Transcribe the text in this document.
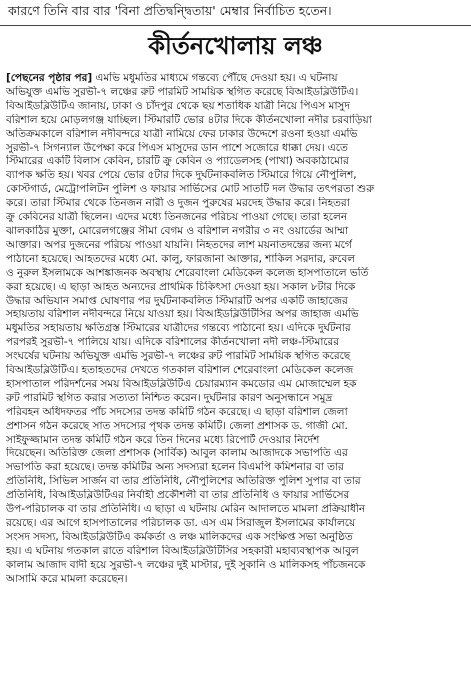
কারণে তিনি বার বার 'বিনা প্রতিদ্বন্দ্বিতায়' মেম্বার নির্বাচিত হতেন।
কীর্তনখোলায় লঞ্চ
[পেছনের পৃষ্ঠার পর] এমভি মধুমতির মাধ্যমে গন্তব্যে পৌঁছে দেওয়া হয়। এ ঘটনায়
অভিযুক্ত এমভি সুরভী-৭ লঞ্চের রুট পারমিট সাময়িক স্থগিত করেছে বিআইডব্লিউটিএ।
বিআইডব্লিউটিএ জানায়, ঢাকা ও চাঁদপুর থেকে ছয় শতাধিক যাত্রী নিয়ে পিএস মাসুদ
বরিশাল হয়ে মোড়লগঞ্জ যাচ্ছিল। স্টিমারটি ভোর ৪টার দিকে কীর্তনখোলা নদীর চরবাড়িয়া
অতিক্রমকালে বরিশাল নদীবন্দরে যাত্রী নামিয়ে ফের ঢাকার উদ্দেশে রওনা হওয়া এমভি
সুরভী-৭ সিগন্যাল উপেক্ষা করে পিএস মাসুদের ডান পাশে সজোরে ধাক্কা দেয়। এতে
স্টিমারের একটি বিলাস কেবিন, চারটি ক্রু কেবিন ও প্যাডেলসহ (পাখা) অবকাঠামোর
ব্যাপক ক্ষতি হয়। খবর পেয়ে ভোর ৫টার দিকে দুর্ঘটনাকবলিত স্টিমারে গিয়ে নৌপুলিশ,
কোস্টগার্ড, মেট্রোপলিটন পুলিশ ও ফায়ার সার্ভিসের মোট সাতটি দল উদ্ধার তৎপরতা শুরু
করে। তারা স্টিমার থেকে তিনজন নারী ও দুজন পুরুষের মরদেহ উদ্ধার করে। নিহতরা
ক্রু কেবিনের যাত্রী ছিলেন। এদের মধ্যে তিনজনের পরিচয় পাওয়া গেছে। তারা হলেন
ঝালকাঠির মুক্তা, মোরেলগঞ্জের সীমা বেগম ও বরিশাল নগরীর ৩ নং ওয়ার্ডের আম্মা
আক্তার। অপর দুজনের পরিচয় পাওয়া যায়নি। নিহতদের লাশ ময়নাতদন্তের জন্য মর্গে
পাঠানো হয়েছে। আহতদের মধ্যে মো. কালু, ফারজানা আক্তার, শাকিল সরদার, রুবেল
ও নুরুল ইসলামকে আশঙ্কাজনক অবস্থায় শেরেবাংলা মেডিকেল কলেজ হাসপাতালে ভর্তি
করা হয়েছে। এ ছাড়া আহত অন্যদের প্রাথমিক চিকিৎসা দেওয়া হয়। সকাল ৮টার দিকে
উদ্ধার অভিযান সমাপ্ত ঘোষণার পর দুর্ঘটনাকবলিত স্টিমারটি অপর একটি জাহাজের
সহায়তায় বরিশাল নদীবন্দরে নিয়ে যাওয়া হয়। বিআইডব্লিউটিসির অপর জাহাজ এমভি
মধুমতির সহায়তায় ক্ষতিগ্রস্ত স্টিমারের যাত্রীদের গন্তব্যে পাঠানো হয়। এদিকে দুর্ঘটনার
পরপরই সুরভী-৭ পালিয়ে যায়। এদিকে বরিশালের কীর্তনখোলা নদী লঞ্চ-স্টিমারের
সংঘর্ষের ঘটনায় অভিযুক্ত এমভি সুরভী-৭ লঞ্চের রুট পারমিট সাময়িক স্থগিত করেছে
বিআইডব্লিউটিএ। হতাহতদের দেখতে গতকাল বরিশাল শেরেবাংলা মেডিকেল কলেজ
হাসপাতাল পরিদর্শনের সময় বিআইডব্লিউটিএ চেয়ারম্যান কমডোর এম মোজাম্মেল হক
রুট পারমিট স্থগিত করার সত্যতা নিশ্চিত করেন। দুর্ঘটনার কারণ অনুসন্ধানে সমুদ্র
পরিবহন অধিদফতর পাঁচ সদস্যের তদন্ত কমিটি গঠন করেছে। এ ছাড়া বরিশাল জেলা
প্রশাসন গঠন করেছে সাত সদস্যের পৃথক তদন্ত কমিটি। জেলা প্রশাসক ড. গাজী মো.
সাইফুজ্জামান তদন্ত কমিটি গঠন করে তিন দিনের মধ্যে রিপোর্ট দেওয়ার নির্দেশ
দিয়েছেন। অতিরিক্ত জেলা প্রশাসক (সার্বিক) আবুল কালাম আজাদকে সভাপতি এর
সভাপতি করা হয়েছে। তদন্ত কমিটির অন্য সদস্যরা হলেন বিএমপি কমিশনার বা তার
প্রতিনিধি, সিভিল সার্জন বা তার প্রতিনিধি, নৌপুলিশের অতিরিক্ত পুলিশ সুপার বা তার
প্রতিনিধি, বিআইডব্লিউটিএর নির্বাহী প্রকৌশলী বা তার প্রতিনিধি ও ফায়ার সার্ভিসের
উপ-পরিচালক বা তার প্রতিনিধি। এ ছাড়া এ ঘটনায় মেরিন আদালতে মামলা প্রক্রিয়াধীন
রয়েছে। এর আগে হাসপাতালের পরিচালক ডা. এস এম সিরাজুল ইসলামের কার্যালয়ে
সংসদ সদস্য, বিআইডব্লিউটিএ কর্মকর্তা ও লঞ্চ মালিকদের এক সংক্ষিপ্ত সভা অনুষ্ঠিত
হয়। এ ঘটনায় গতকাল রাতে বরিশাল বিআইডব্লিউটিসির সহকারী মহাব্যবস্থাপক আবুল
কালাম আজাদ বাদী হয়ে সুরভী-৭ লঞ্চের দুই মাস্টার, দুই সুকানি ও মালিকসহ পাঁচজনকে
আসামি করে মামলা করেছেন।
